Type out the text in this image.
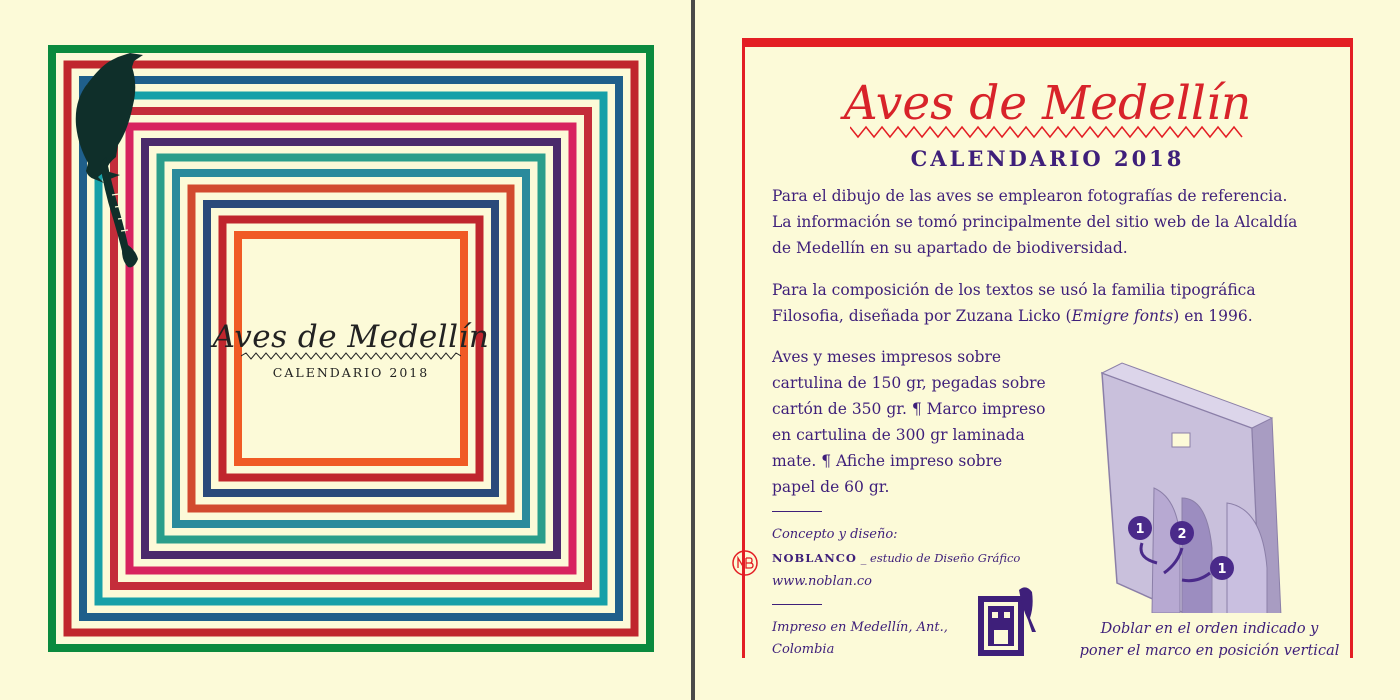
Aves de Medellín
CALENDARIO 2018
Aves de Medellín
CALENDARIO 2018
Para el dibujo de las aves se emplearon fotografías de referencia.
La información se tomó principalmente del sitio web de la Alcaldía
de Medellín en su apartado de biodiversidad.
Para la composición de los textos se usó la familia tipográfica
Filosofia, diseñada por Zuzana Licko (Emigre fonts) en 1996.
Aves y meses impresos sobre
cartulina de 150 gr, pegadas sobre
cartón de 350 gr. ¶ Marco impreso
en cartulina de 300 gr laminada
mate. ¶ Afiche impreso sobre
papel de 60 gr.
Concepto y diseño:
NOBLANCO _ estudio de Diseño Gráfico
www.noblan.co
Impreso en Medellín, Ant.,
Colombia
1	2
1
Doblar en el orden indicado y
poner el marco en posición vertical
